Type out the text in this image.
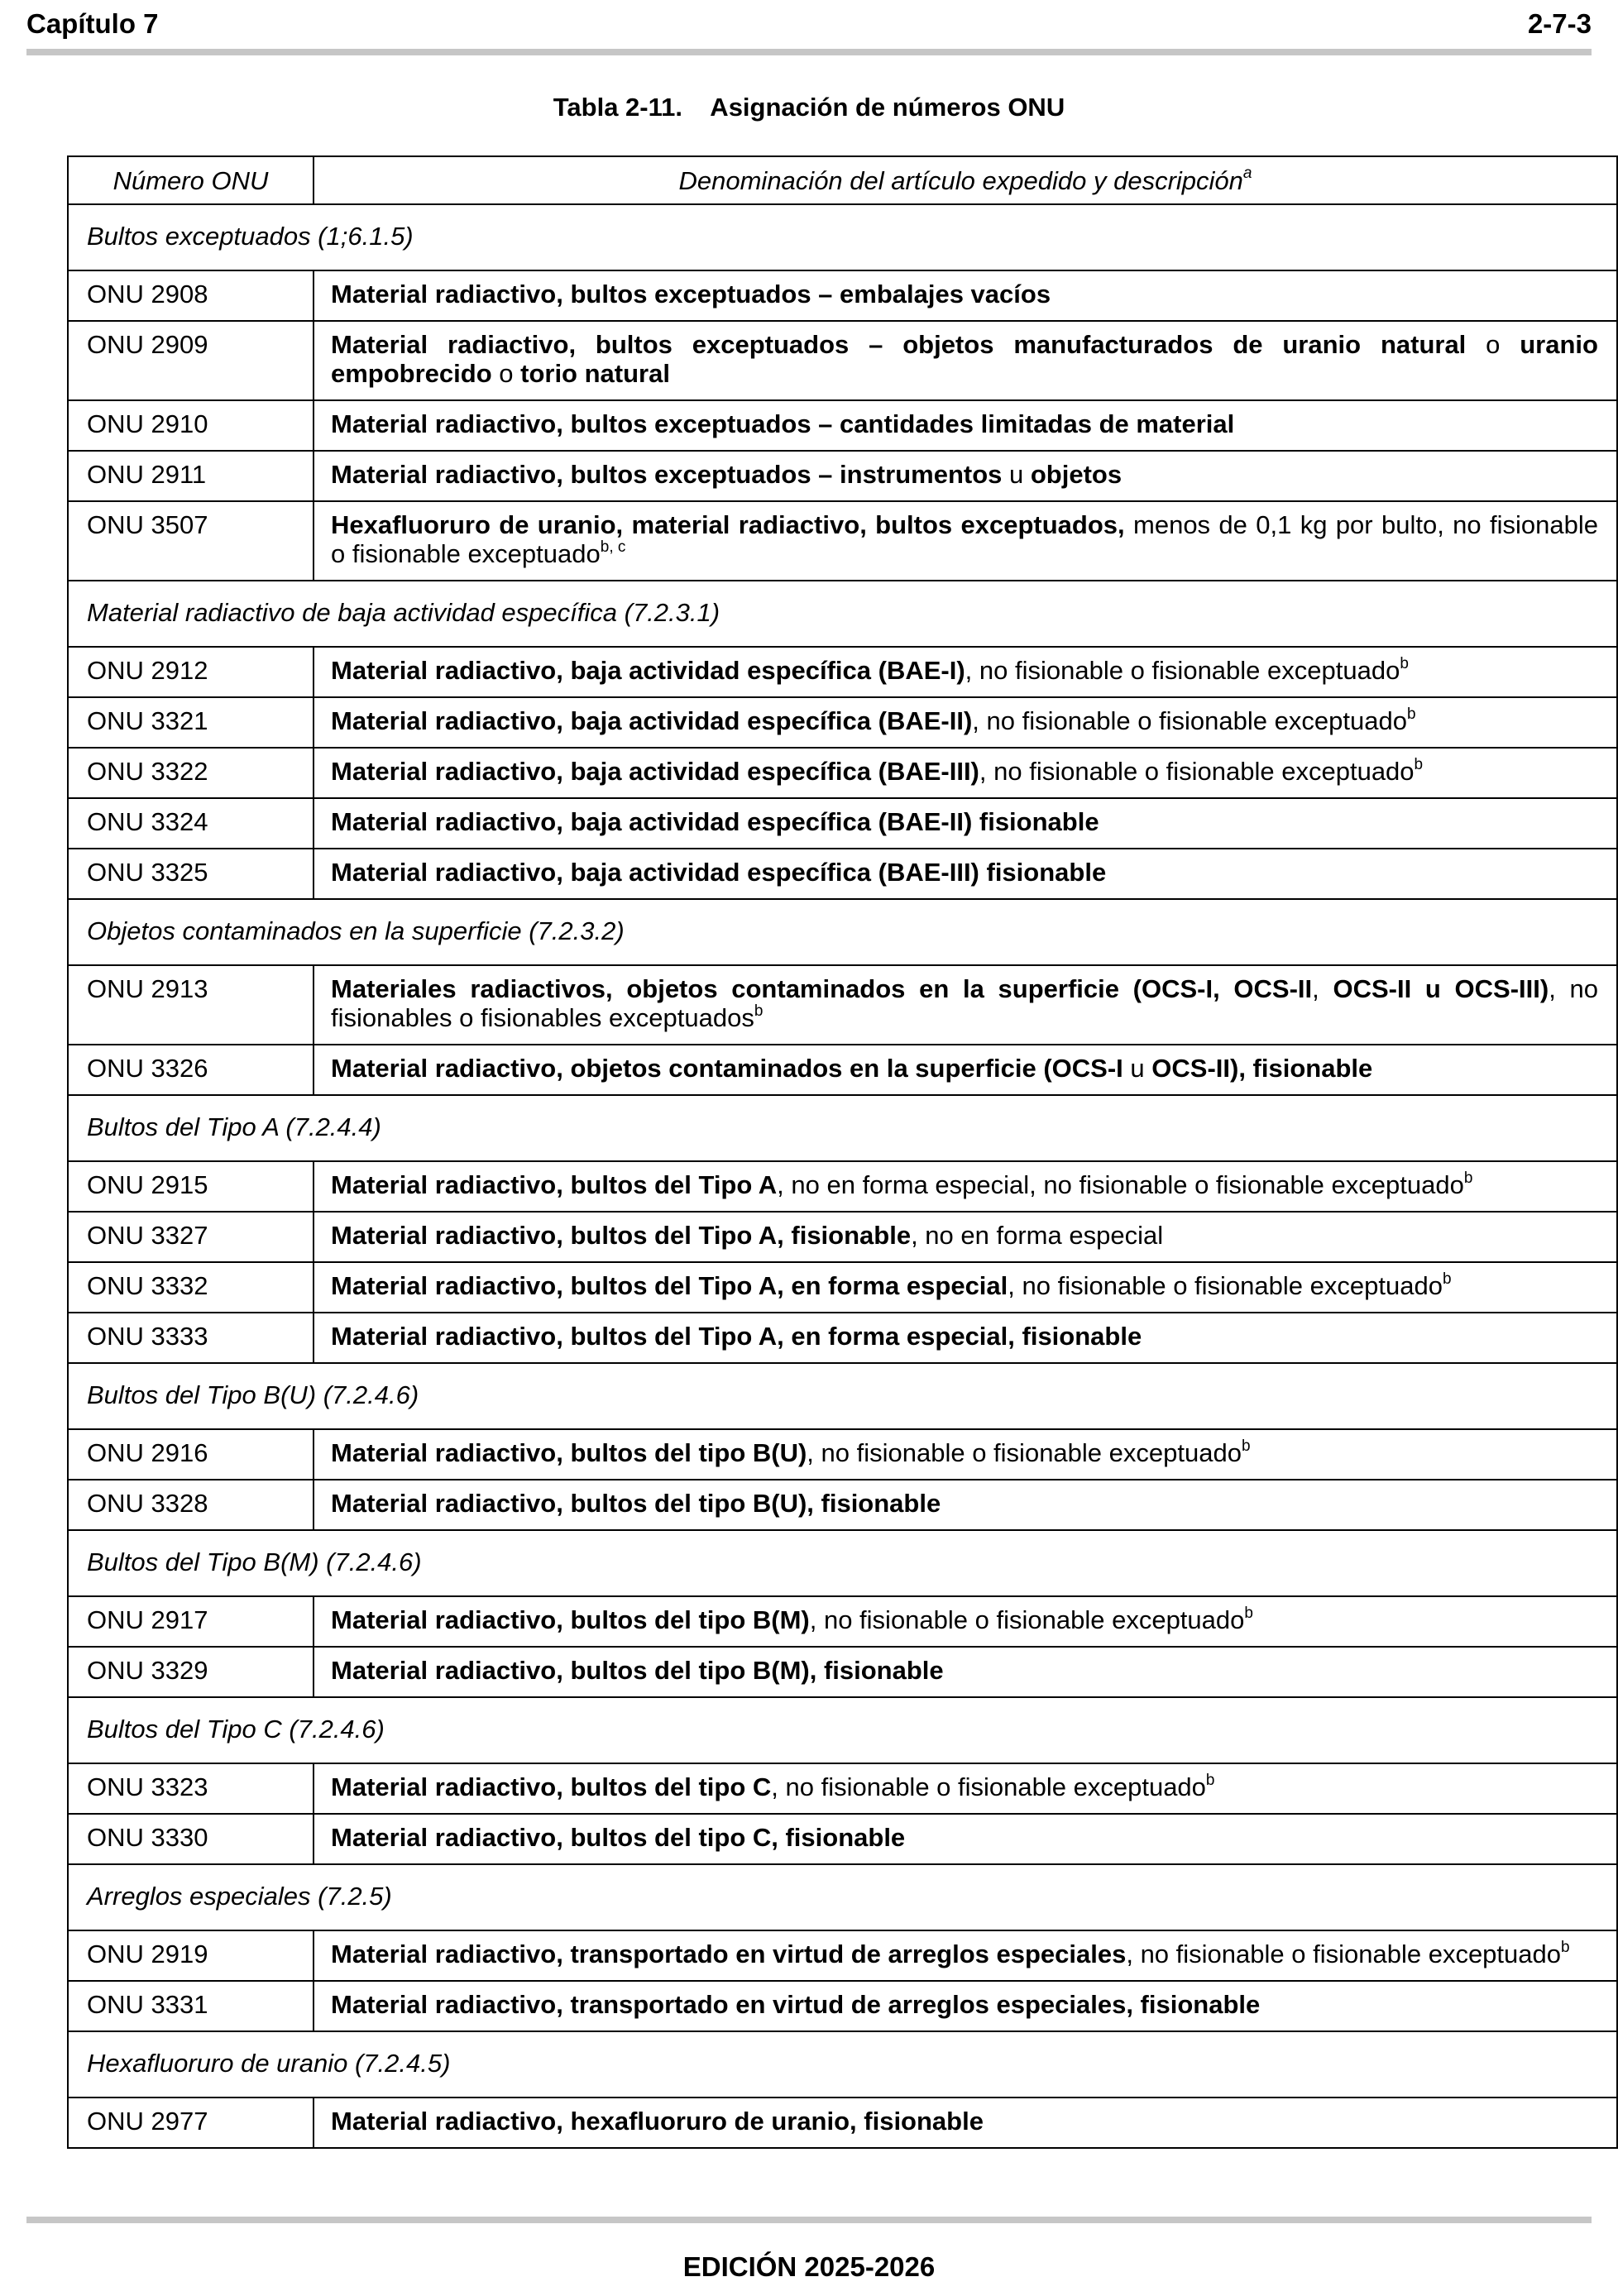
Capítulo 7	2-7-3
Tabla 2-11.    Asignación de números ONU
Número ONU	Denominación del artículo expedido y descripción$^a$
Bultos exceptuados (1;6.1.5)	
ONU 2908	Material radiactivo, bultos exceptuados – embalajes vacíos
ONU 2909	Material radiactivo, bultos exceptuados – objetos manufacturados de uranio natural o uranio empobrecido o torio natural
ONU 2910	Material radiactivo, bultos exceptuados – cantidades limitadas de material
ONU 2911	Material radiactivo, bultos exceptuados – instrumentos u objetos
ONU 3507	Hexafluoruro de uranio, material radiactivo, bultos exceptuados, menos de 0,1 kg por bulto, no fisionable o fisionable exceptuado$^{b, c}$
Material radiactivo de baja actividad específica (7.2.3.1)	
ONU 2912	Material radiactivo, baja actividad específica (BAE-I), no fisionable o fisionable exceptuado$^b$
ONU 3321	Material radiactivo, baja actividad específica (BAE-II), no fisionable o fisionable exceptuado$^b$
ONU 3322	Material radiactivo, baja actividad específica (BAE-III), no fisionable o fisionable exceptuado$^b$
ONU 3324	Material radiactivo, baja actividad específica (BAE-II) fisionable
ONU 3325	Material radiactivo, baja actividad específica (BAE-III) fisionable
Objetos contaminados en la superficie (7.2.3.2)	
ONU 2913	Materiales radiactivos, objetos contaminados en la superficie (OCS-I, OCS-II, OCS-II u OCS-III), no fisionables o fisionables exceptuados$^b$
ONU 3326	Material radiactivo, objetos contaminados en la superficie (OCS-I u OCS-II), fisionable
Bultos del Tipo A (7.2.4.4)	
ONU 2915	Material radiactivo, bultos del Tipo A, no en forma especial, no fisionable o fisionable exceptuado$^b$
ONU 3327	Material radiactivo, bultos del Tipo A, fisionable, no en forma especial
ONU 3332	Material radiactivo, bultos del Tipo A, en forma especial, no fisionable o fisionable exceptuado$^b$
ONU 3333	Material radiactivo, bultos del Tipo A, en forma especial, fisionable
Bultos del Tipo B(U) (7.2.4.6)	
ONU 2916	Material radiactivo, bultos del tipo B(U), no fisionable o fisionable exceptuado$^b$
ONU 3328	Material radiactivo, bultos del tipo B(U), fisionable
Bultos del Tipo B(M) (7.2.4.6)	
ONU 2917	Material radiactivo, bultos del tipo B(M), no fisionable o fisionable exceptuado$^b$
ONU 3329	Material radiactivo, bultos del tipo B(M), fisionable
Bultos del Tipo C (7.2.4.6)	
ONU 3323	Material radiactivo, bultos del tipo C, no fisionable o fisionable exceptuado$^b$
ONU 3330	Material radiactivo, bultos del tipo C, fisionable
Arreglos especiales (7.2.5)	
ONU 2919	Material radiactivo, transportado en virtud de arreglos especiales, no fisionable o fisionable exceptuado$^b$
ONU 3331	Material radiactivo, transportado en virtud de arreglos especiales, fisionable
Hexafluoruro de uranio (7.2.4.5)	
ONU 2977	Material radiactivo, hexafluoruro de uranio, fisionable
EDICIÓN 2025-2026
